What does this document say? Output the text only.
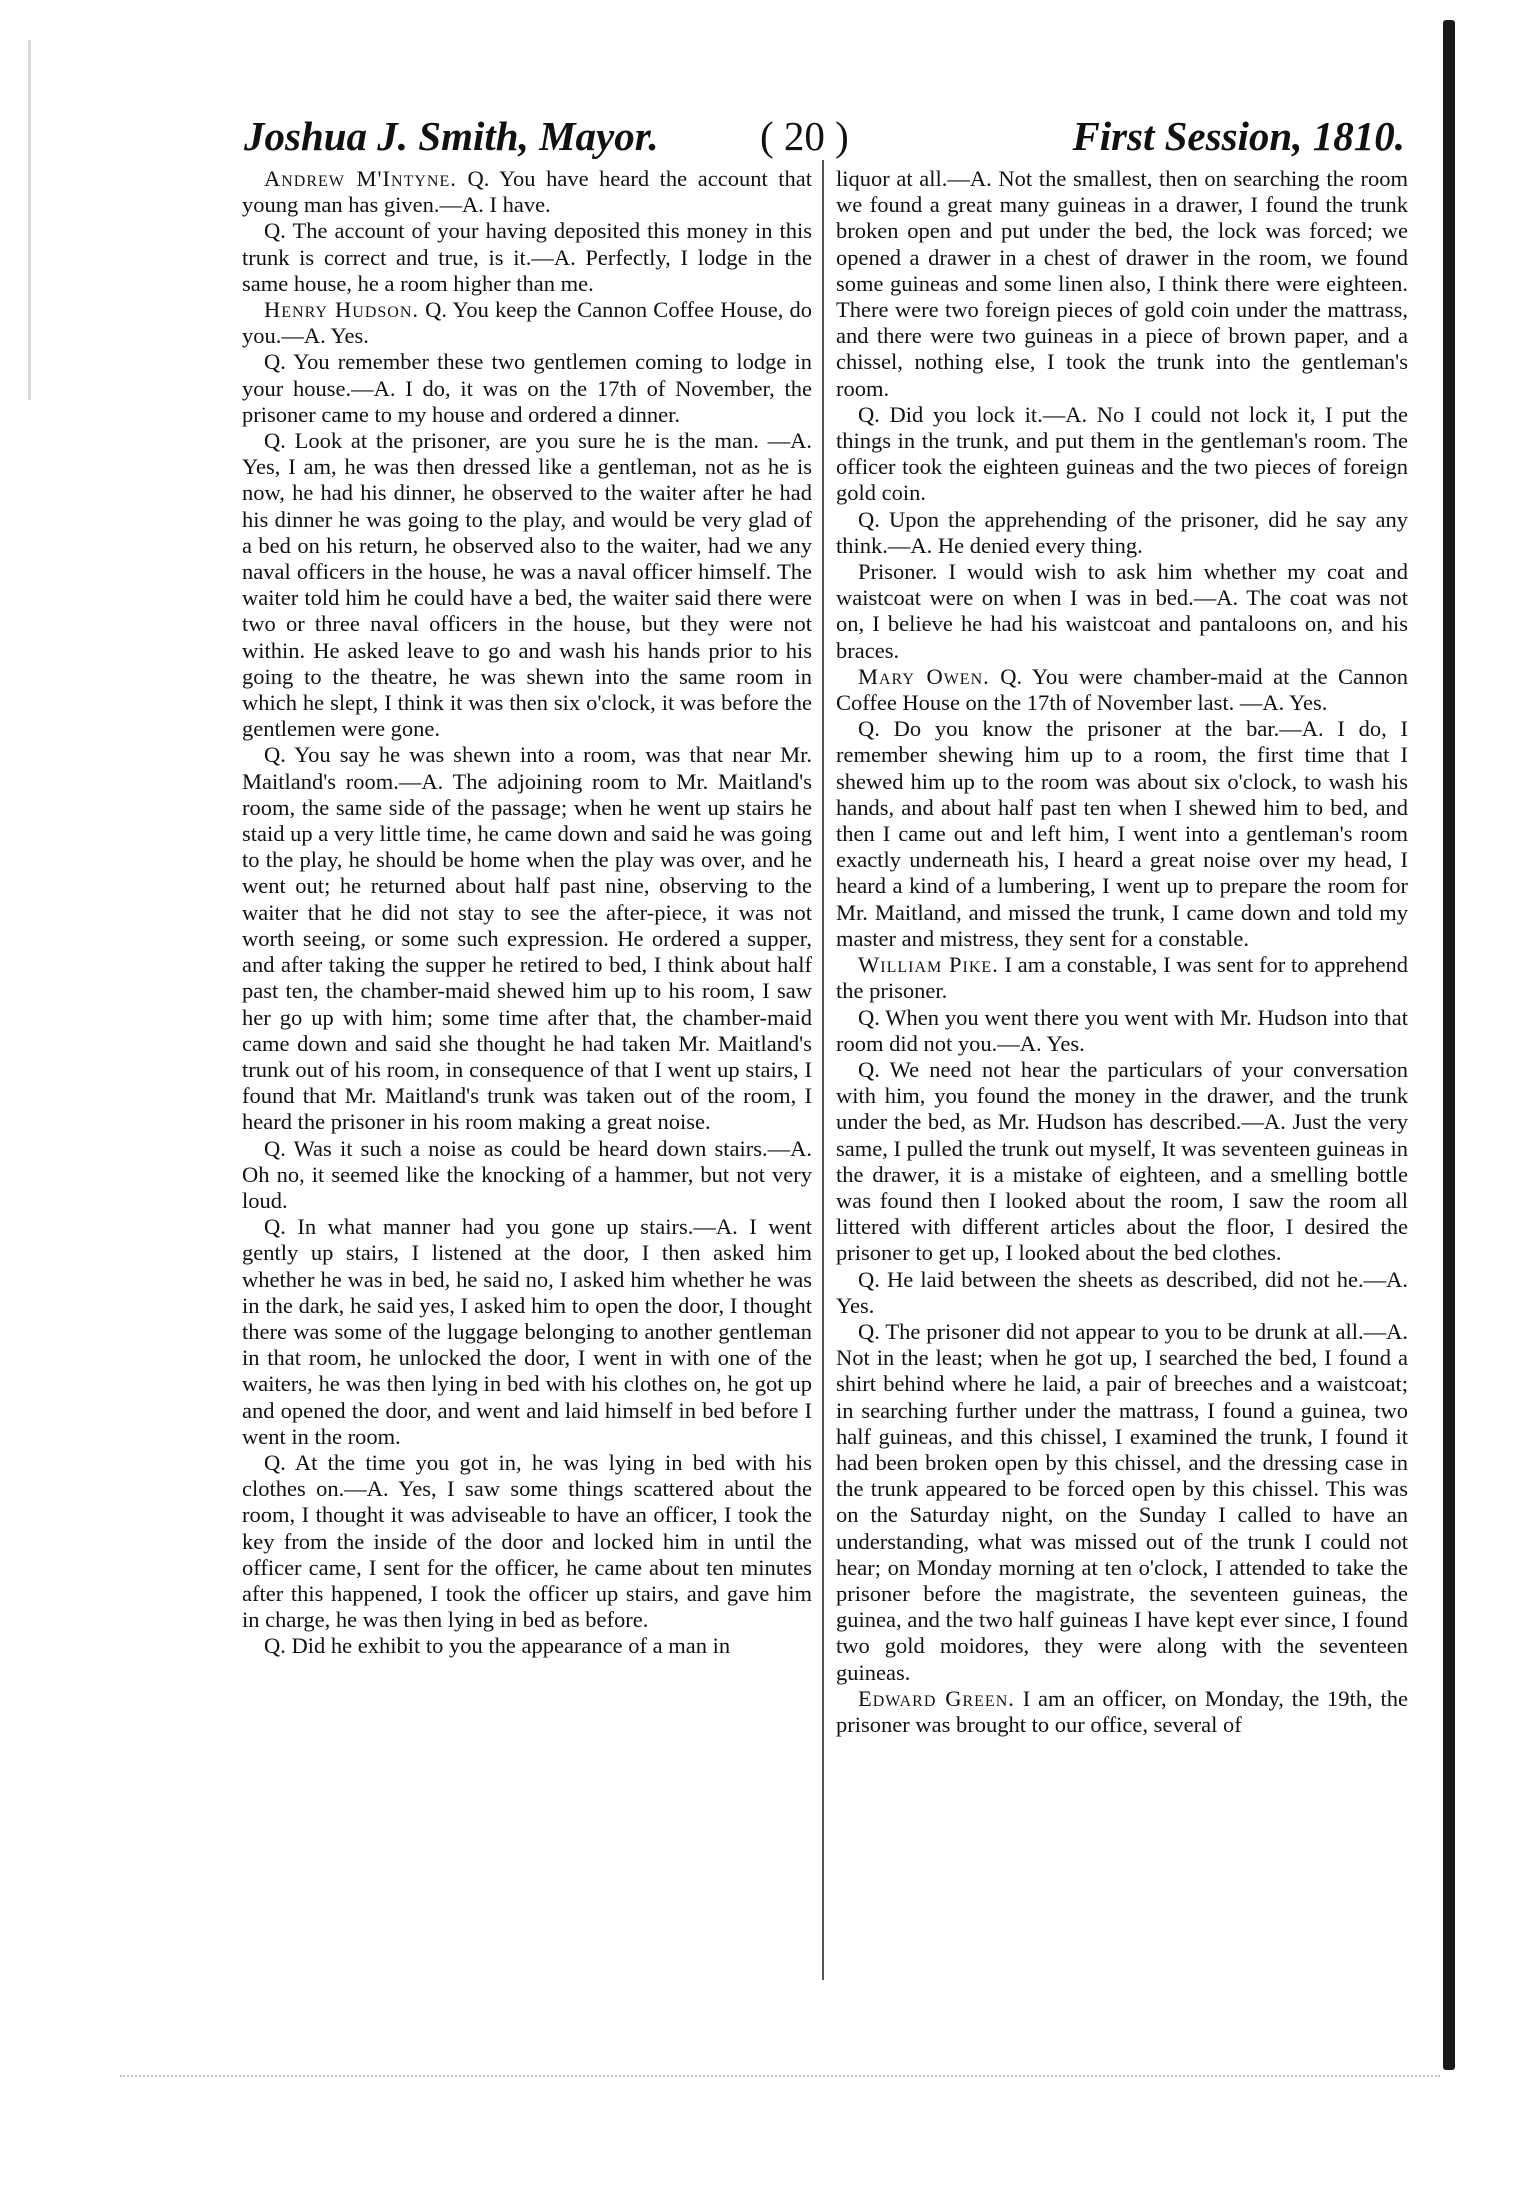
Joshua J. Smith, Mayor. ( 20 )	First Session, 1810.

Andrew M'Intyne. Q. You have heard the account that young man has given.—A. I have.

Q. The account of your having deposited this money in this trunk is correct and true, is it.—A. Perfectly, I lodge in the same house, he a room higher than me.

Henry Hudson. Q. You keep the Cannon Coffee House, do you.—A. Yes.

Q. You remember these two gentlemen coming to lodge in your house.—A. I do, it was on the 17th of November, the prisoner came to my house and ordered a dinner.

Q. Look at the prisoner, are you sure he is the man. —A. Yes, I am, he was then dressed like a gentleman, not as he is now, he had his dinner, he observed to the waiter after he had his dinner he was going to the play, and would be very glad of a bed on his return, he observed also to the waiter, had we any naval officers in the house, he was a naval officer himself. The waiter told him he could have a bed, the waiter said there were two or three naval officers in the house, but they were not within. He asked leave to go and wash his hands prior to his going to the theatre, he was shewn into the same room in which he slept, I think it was then six o'clock, it was before the gentlemen were gone.

Q. You say he was shewn into a room, was that near Mr. Maitland's room.—A. The adjoining room to Mr. Maitland's room, the same side of the passage; when he went up stairs he staid up a very little time, he came down and said he was going to the play, he should be home when the play was over, and he went out; he returned about half past nine, observing to the waiter that he did not stay to see the after-piece, it was not worth seeing, or some such expression. He ordered a supper, and after taking the supper he retired to bed, I think about half past ten, the chamber-maid shewed him up to his room, I saw her go up with him; some time after that, the chamber-maid came down and said she thought he had taken Mr. Maitland's trunk out of his room, in consequence of that I went up stairs, I found that Mr. Maitland's trunk was taken out of the room, I heard the prisoner in his room making a great noise.

Q. Was it such a noise as could be heard down stairs.—A. Oh no, it seemed like the knocking of a hammer, but not very loud.

Q. In what manner had you gone up stairs.—A. I went gently up stairs, I listened at the door, I then asked him whether he was in bed, he said no, I asked him whether he was in the dark, he said yes, I asked him to open the door, I thought there was some of the luggage belonging to another gentleman in that room, he unlocked the door, I went in with one of the waiters, he was then lying in bed with his clothes on, he got up and opened the door, and went and laid himself in bed before I went in the room.

Q. At the time you got in, he was lying in bed with his clothes on.—A. Yes, I saw some things scattered about the room, I thought it was adviseable to have an officer, I took the key from the inside of the door and locked him in until the officer came, I sent for the officer, he came about ten minutes after this happened, I took the officer up stairs, and gave him in charge, he was then lying in bed as before.

Q. Did he exhibit to you the appearance of a man in

liquor at all.—A. Not the smallest, then on searching the room we found a great many guineas in a drawer, I found the trunk broken open and put under the bed, the lock was forced; we opened a drawer in a chest of drawer in the room, we found some guineas and some linen also, I think there were eighteen. There were two foreign pieces of gold coin under the mattrass, and there were two guineas in a piece of brown paper, and a chissel, nothing else, I took the trunk into the gentleman's room.

Q. Did you lock it.—A. No I could not lock it, I put the things in the trunk, and put them in the gentleman's room. The officer took the eighteen guineas and the two pieces of foreign gold coin.

Q. Upon the apprehending of the prisoner, did he say any think.—A. He denied every thing.

Prisoner. I would wish to ask him whether my coat and waistcoat were on when I was in bed.—A. The coat was not on, I believe he had his waistcoat and pantaloons on, and his braces.

Mary Owen. Q. You were chamber-maid at the Cannon Coffee House on the 17th of November last. —A. Yes.

Q. Do you know the prisoner at the bar.—A. I do, I remember shewing him up to a room, the first time that I shewed him up to the room was about six o'clock, to wash his hands, and about half past ten when I shewed him to bed, and then I came out and left him, I went into a gentleman's room exactly underneath his, I heard a great noise over my head, I heard a kind of a lumbering, I went up to prepare the room for Mr. Maitland, and missed the trunk, I came down and told my master and mistress, they sent for a constable.

William Pike. I am a constable, I was sent for to apprehend the prisoner.

Q. When you went there you went with Mr. Hudson into that room did not you.—A. Yes.

Q. We need not hear the particulars of your conversation with him, you found the money in the drawer, and the trunk under the bed, as Mr. Hudson has described.—A. Just the very same, I pulled the trunk out myself, It was seventeen guineas in the drawer, it is a mistake of eighteen, and a smelling bottle was found then I looked about the room, I saw the room all littered with different articles about the floor, I desired the prisoner to get up, I looked about the bed clothes.

Q. He laid between the sheets as described, did not he.—A. Yes.

Q. The prisoner did not appear to you to be drunk at all.—A. Not in the least; when he got up, I searched the bed, I found a shirt behind where he laid, a pair of breeches and a waistcoat; in searching further under the mattrass, I found a guinea, two half guineas, and this chissel, I examined the trunk, I found it had been broken open by this chissel, and the dressing case in the trunk appeared to be forced open by this chissel. This was on the Saturday night, on the Sunday I called to have an understanding, what was missed out of the trunk I could not hear; on Monday morning at ten o'clock, I attended to take the prisoner before the magistrate, the seventeen guineas, the guinea, and the two half guineas I have kept ever since, I found two gold moidores, they were along with the seventeen guineas.

Edward Green. I am an officer, on Monday, the 19th, the prisoner was brought to our office, several of
